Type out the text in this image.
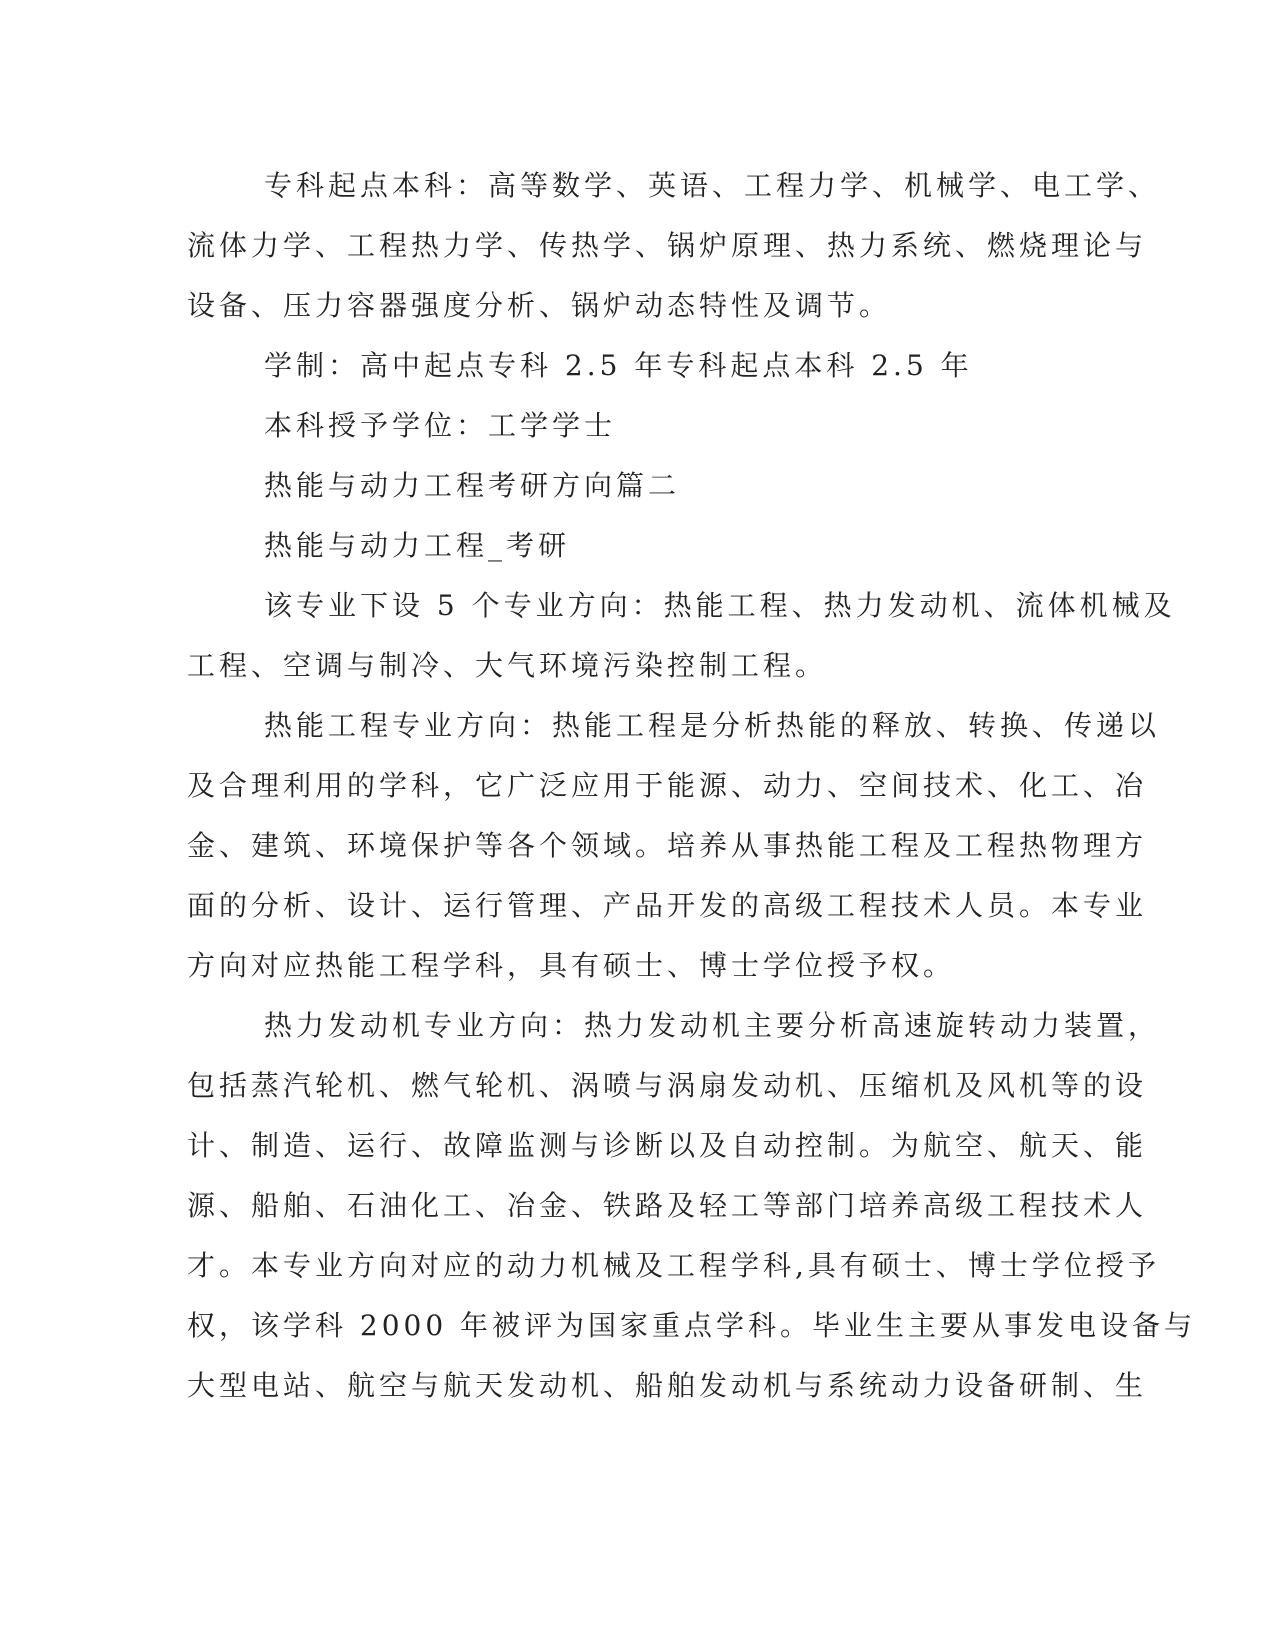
专科起点本科：高等数学、英语、工程力学、机械学、电工学、
流体力学、工程热力学、传热学、锅炉原理、热力系统、燃烧理论与
设备、压力容器强度分析、锅炉动态特性及调节。
学制：高中起点专科 2.5 年专科起点本科 2.5 年
本科授予学位：工学学士
热能与动力工程考研方向篇二
热能与动力工程_考研
该专业下设 5 个专业方向：热能工程、热力发动机、流体机械及
工程、空调与制冷、大气环境污染控制工程。
热能工程专业方向：热能工程是分析热能的释放、转换、传递以
及合理利用的学科，它广泛应用于能源、动力、空间技术、化工、冶
金、建筑、环境保护等各个领域。培养从事热能工程及工程热物理方
面的分析、设计、运行管理、产品开发的高级工程技术人员。本专业
方向对应热能工程学科，具有硕士、博士学位授予权。
热力发动机专业方向：热力发动机主要分析高速旋转动力装置，
包括蒸汽轮机、燃气轮机、涡喷与涡扇发动机、压缩机及风机等的设
计、制造、运行、故障监测与诊断以及自动控制。为航空、航天、能
源、船舶、石油化工、冶金、铁路及轻工等部门培养高级工程技术人
才。本专业方向对应的动力机械及工程学科,具有硕士、博士学位授予
权，该学科 2000 年被评为国家重点学科。毕业生主要从事发电设备与
大型电站、航空与航天发动机、船舶发动机与系统动力设备研制、生
